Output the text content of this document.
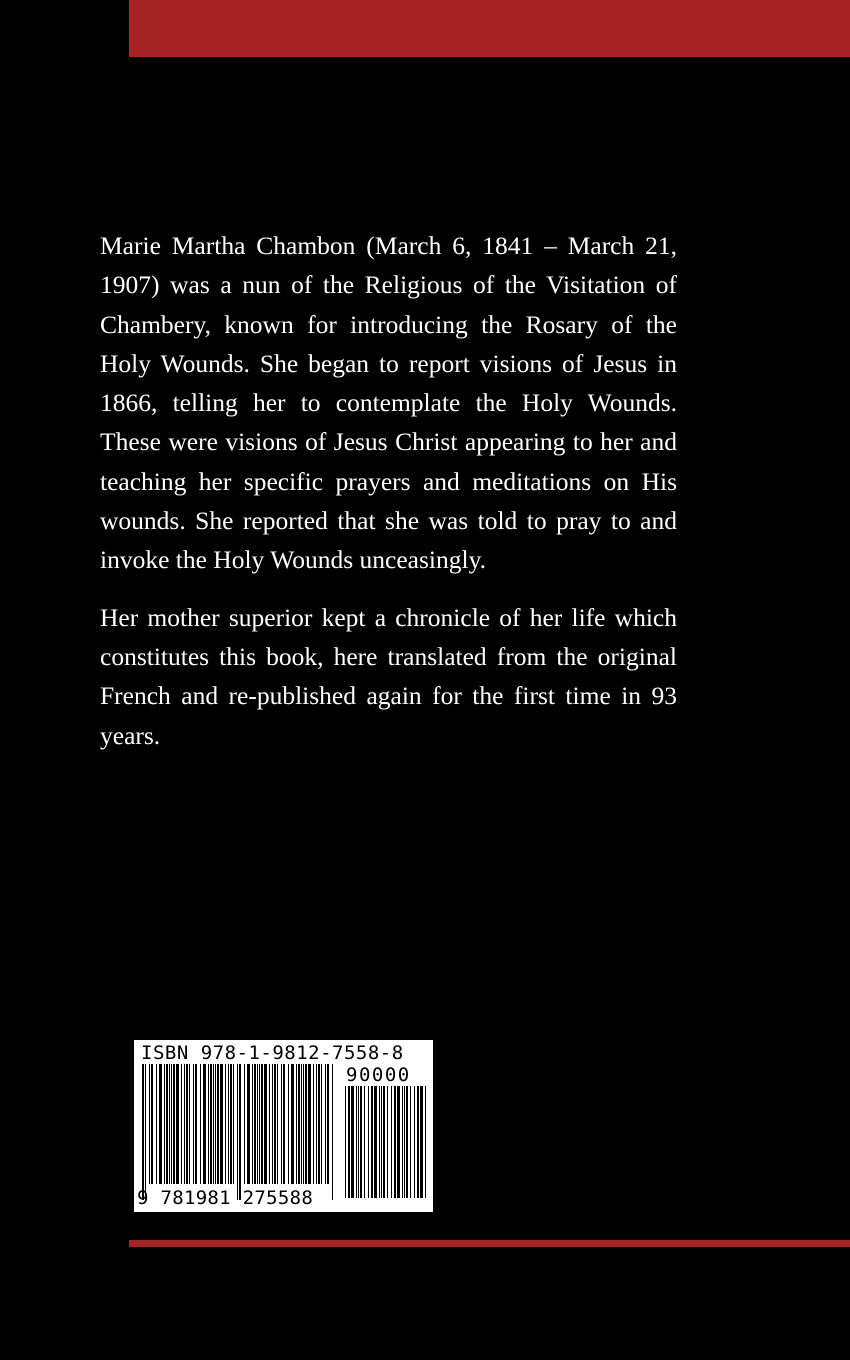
Marie Martha Chambon (March 6, 1841 – March 21, 1907) was a nun of the Religious of the Visitation of Chambery, known for introducing the Rosary of the Holy Wounds. She began to report visions of Jesus in 1866, telling her to contemplate the Holy Wounds. These were visions of Jesus Christ appearing to her and teaching her specific prayers and meditations on His wounds. She reported that she was told to pray to and invoke the Holy Wounds unceasingly.

Her mother superior kept a chronicle of her life which constitutes this book, here translated from the original French and re-published again for the first time in 93 years.

ISBN 978-1-9812-7558-8
90000
9 781981 275588
